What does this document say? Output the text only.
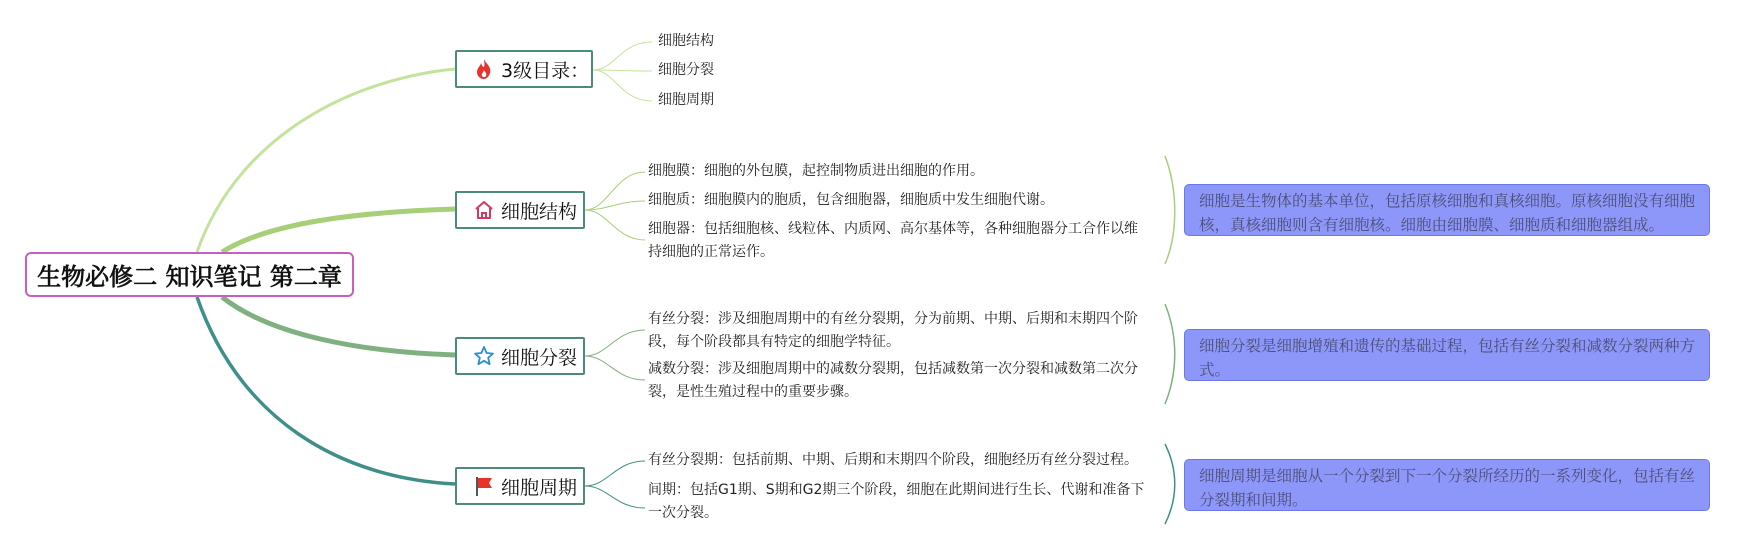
生物必修二 知识笔记 第二章
3级目录：
细胞结构
细胞分裂
细胞周期
细胞结构
细胞分裂
细胞周期
细胞膜：细胞的外包膜，起控制物质进出细胞的作用。
细胞质：细胞膜内的胞质，包含细胞器，细胞质中发生细胞代谢。
细胞器：包括细胞核、线粒体、内质网、高尔基体等，各种细胞器分工合作以维持细胞的正常运作。
有丝分裂：涉及细胞周期中的有丝分裂期，分为前期、中期、后期和末期四个阶段，每个阶段都具有特定的细胞学特征。
减数分裂：涉及细胞周期中的减数分裂期，包括减数第一次分裂和减数第二次分裂，是性生殖过程中的重要步骤。
有丝分裂期：包括前期、中期、后期和末期四个阶段，细胞经历有丝分裂过程。
间期：包括G1期、S期和G2期三个阶段，细胞在此期间进行生长、代谢和准备下一次分裂。
细胞是生物体的基本单位，包括原核细胞和真核细胞。原核细胞没有细胞核，真核细胞则含有细胞核。细胞由细胞膜、细胞质和细胞器组成。
细胞分裂是细胞增殖和遗传的基础过程，包括有丝分裂和减数分裂两种方式。
细胞周期是细胞从一个分裂到下一个分裂所经历的一系列变化，包括有丝分裂期和间期。
